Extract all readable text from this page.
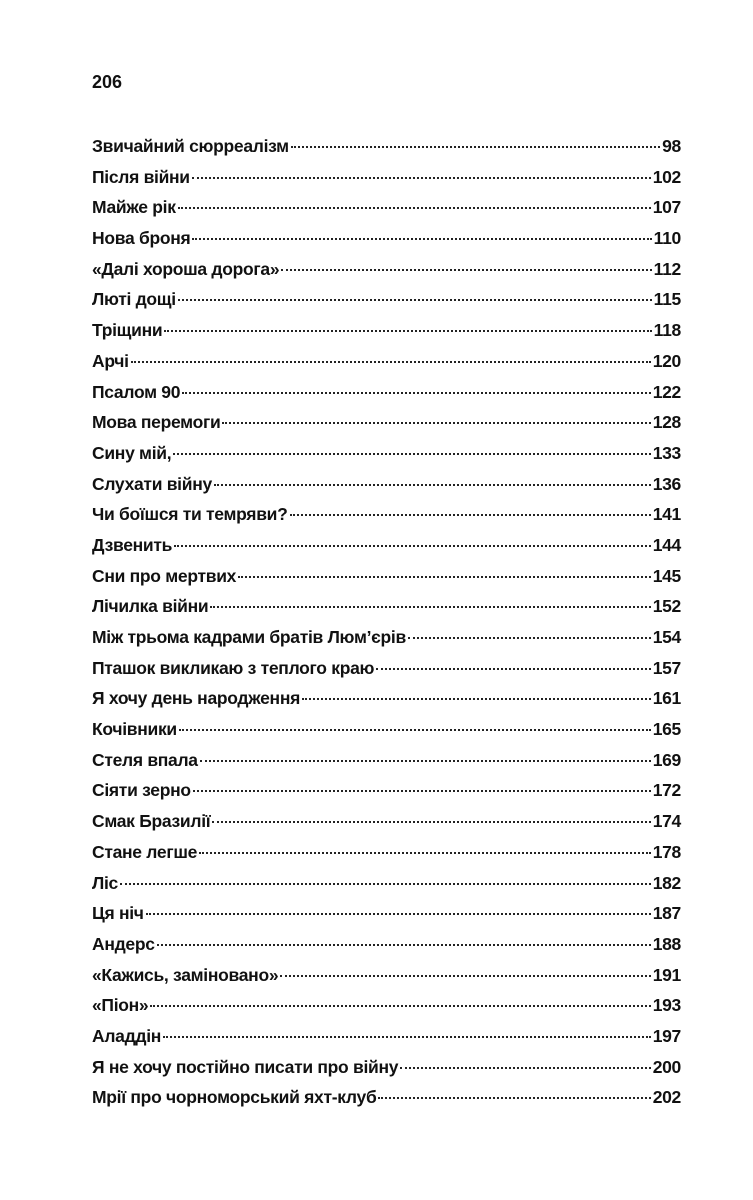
206
Звичайний сюрреалізм	98
Після війни	102
Майже рік	107
Нова броня	110
«Далі хороша дорога»	112
Люті дощі	115
Тріщини	118
Арчі	120
Псалом 90	122
Мова перемоги	128
Сину мій,	133
Слухати війну	136
Чи боїшся ти темряви?	141
Дзвенить	144
Сни про мертвих	145
Лічилка війни	152
Між трьома кадрами братів Люм’єрів	154
Пташок викликаю з теплого краю	157
Я хочу день народження	161
Кочівники	165
Стеля впала	169
Сіяти зерно	172
Смак Бразилії	174
Стане легше	178
Ліс	182
Ця ніч	187
Андерс	188
«Кажись, заміновано»	191
«Піон»	193
Аладдін	197
Я не хочу постійно писати про війну	200
Мрії про чорноморський яхт-клуб	202
